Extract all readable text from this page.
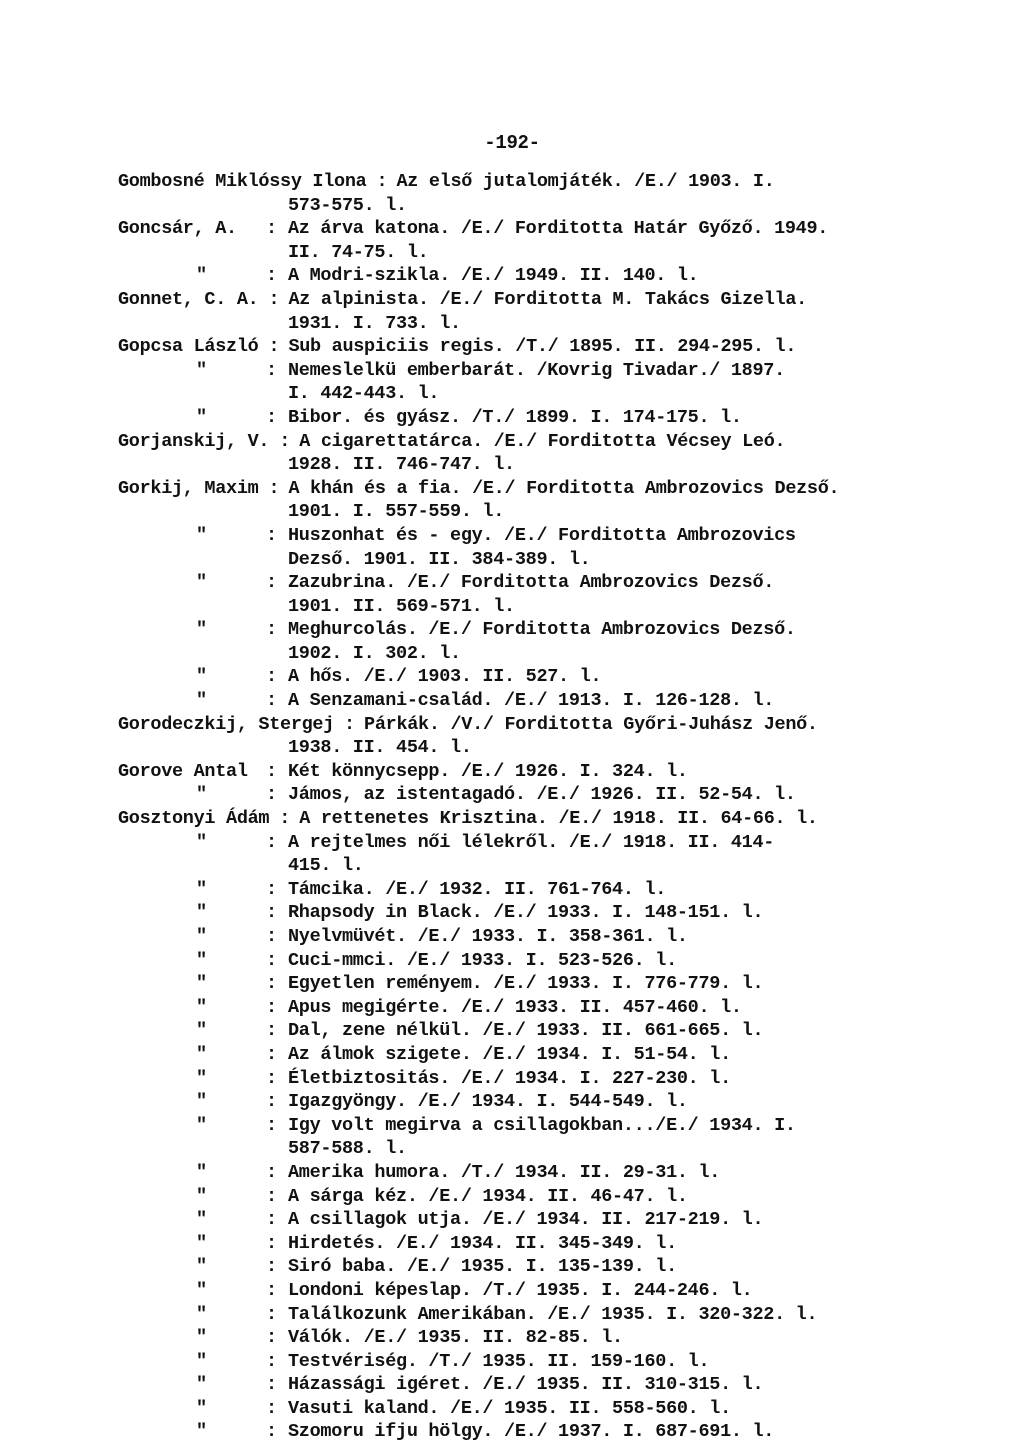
-192-
Gombosné Miklóssy Ilona : Az első jutalomjáték. /E./ 1903. I.
573-575. l.
Goncsár, A. : Az árva katona. /E./ Forditotta Határ Győző. 1949.
II. 74-75. l.
"	: A Modri-szikla. /E./ 1949. II. 140. l.
Gonnet, C. A. : Az alpinista. /E./ Forditotta M. Takács Gizella.
1931. I. 733. l.
Gopcsa László : Sub auspiciis regis. /T./ 1895. II. 294-295. l.
"	: Nemeslelkü emberbarát. /Kovrig Tivadar./ 1897.
I. 442-443. l.
"	: Bibor. és gyász. /T./ 1899. I. 174-175. l.
Gorjanskij, V. : A cigarettatárca. /E./ Forditotta Vécsey Leó.
1928. II. 746-747. l.
Gorkij, Maxim : A khán és a fia. /E./ Forditotta Ambrozovics Dezső.
1901. I. 557-559. l.
"	: Huszonhat és - egy. /E./ Forditotta Ambrozovics
Dezső. 1901. II. 384-389. l.
"	: Zazubrina. /E./ Forditotta Ambrozovics Dezső.
1901. II. 569-571. l.
"	: Meghurcolás. /E./ Forditotta Ambrozovics Dezső.
1902. I. 302. l.
"	: A hős. /E./ 1903. II. 527. l.
"	: A Senzamani-család. /E./ 1913. I. 126-128. l.
Gorodeczkij, Stergej : Párkák. /V./ Forditotta Győri-Juhász Jenő.
1938. II. 454. l.
Gorove Antal : Két könnycsepp. /E./ 1926. I. 324. l.
"	: Jámos, az istentagadó. /E./ 1926. II. 52-54. l.
Gosztonyi Ádám : A rettenetes Krisztina. /E./ 1918. II. 64-66. l.
"	: A rejtelmes női lélekről. /E./ 1918. II. 414-
415. l.
"	: Támcika. /E./ 1932. II. 761-764. l.
"	: Rhapsody in Black. /E./ 1933. I. 148-151. l.
"	: Nyelvmüvét. /E./ 1933. I. 358-361. l.
"	: Cuci-mmci. /E./ 1933. I. 523-526. l.
"	: Egyetlen reményem. /E./ 1933. I. 776-779. l.
"	: Apus megigérte. /E./ 1933. II. 457-460. l.
"	: Dal, zene nélkül. /E./ 1933. II. 661-665. l.
"	: Az álmok szigete. /E./ 1934. I. 51-54. l.
"	: Életbiztositás. /E./ 1934. I. 227-230. l.
"	: Igazgyöngy. /E./ 1934. I. 544-549. l.
"	: Igy volt megirva a csillagokban.../E./ 1934. I.
587-588. l.
"	: Amerika humora. /T./ 1934. II. 29-31. l.
"	: A sárga kéz. /E./ 1934. II. 46-47. l.
"	: A csillagok utja. /E./ 1934. II. 217-219. l.
"	: Hirdetés. /E./ 1934. II. 345-349. l.
"	: Siró baba. /E./ 1935. I. 135-139. l.
"	: Londoni képeslap. /T./ 1935. I. 244-246. l.
"	: Találkozunk Amerikában. /E./ 1935. I. 320-322. l.
"	: Válók. /E./ 1935. II. 82-85. l.
"	: Testvériség. /T./ 1935. II. 159-160. l.
"	: Házassági igéret. /E./ 1935. II. 310-315. l.
"	: Vasuti kaland. /E./ 1935. II. 558-560. l.
"	: Szomoru ifju hölgy. /E./ 1937. I. 687-691. l.
